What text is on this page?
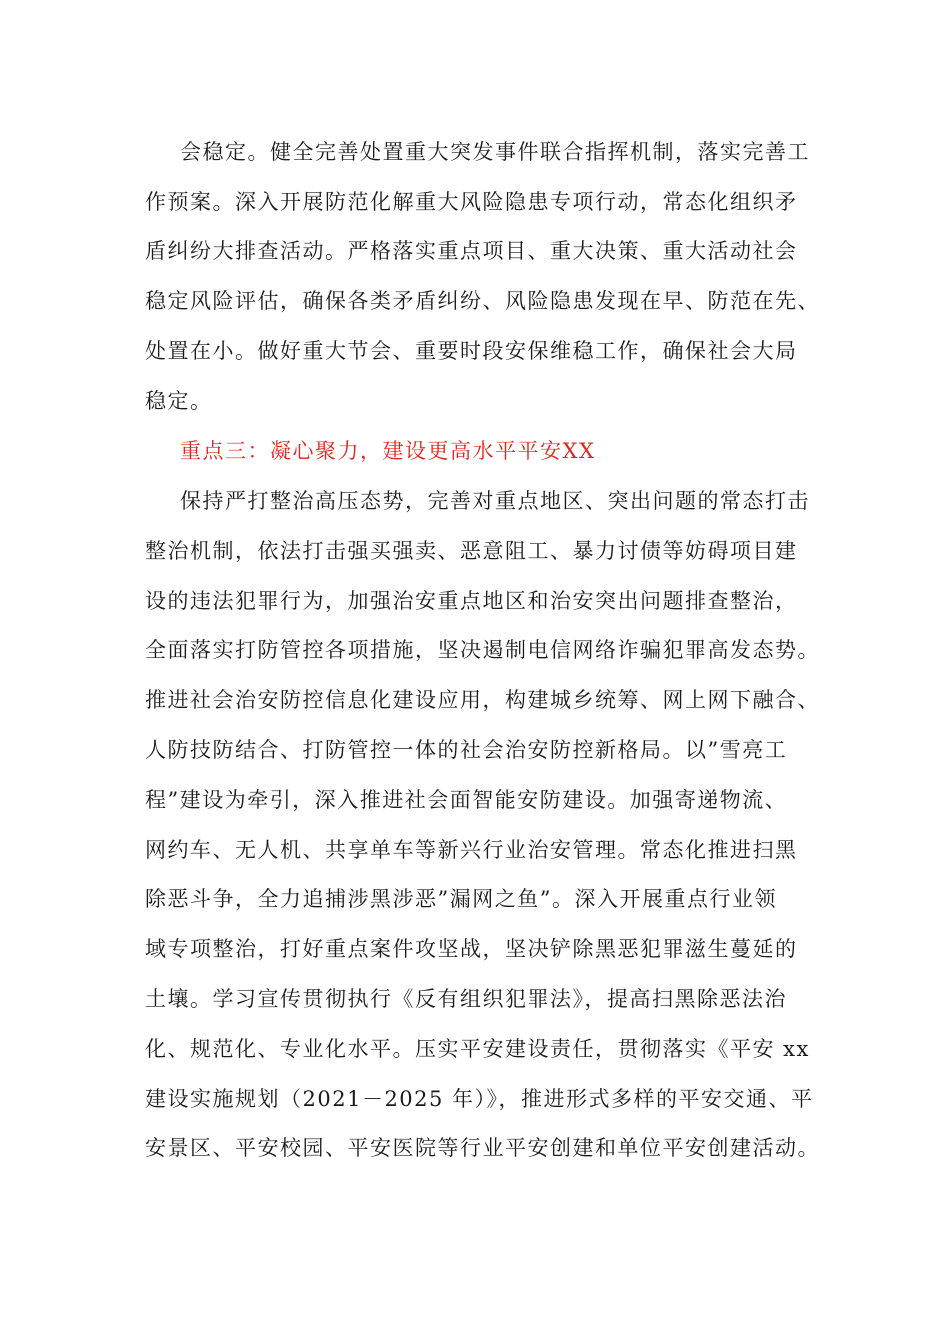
会稳定。健全完善处置重大突发事件联合指挥机制，落实完善工
作预案。深入开展防范化解重大风险隐患专项行动，常态化组织矛
盾纠纷大排查活动。严格落实重点项目、重大决策、重大活动社会
稳定风险评估，确保各类矛盾纠纷、风险隐患发现在早、防范在先、
处置在小。做好重大节会、重要时段安保维稳工作，确保社会大局
稳定。
重点三：凝心聚力，建设更高水平平安XX
保持严打整治高压态势，完善对重点地区、突出问题的常态打击
整治机制，依法打击强买强卖、恶意阻工、暴力讨债等妨碍项目建
设的违法犯罪行为，加强治安重点地区和治安突出问题排查整治，
全面落实打防管控各项措施，坚决遏制电信网络诈骗犯罪高发态势。
推进社会治安防控信息化建设应用，构建城乡统筹、网上网下融合、
人防技防结合、打防管控一体的社会治安防控新格局。以”雪亮工
程”建设为牵引，深入推进社会面智能安防建设。加强寄递物流、
网约车、无人机、共享单车等新兴行业治安管理。常态化推进扫黑
除恶斗争，全力追捕涉黑涉恶”漏网之鱼”。深入开展重点行业领
域专项整治，打好重点案件攻坚战，坚决铲除黑恶犯罪滋生蔓延的
土壤。学习宣传贯彻执行《反有组织犯罪法》，提高扫黑除恶法治
化、规范化、专业化水平。压实平安建设责任，贯彻落实《平安 xx
建设实施规划（2021－2025 年）》，推进形式多样的平安交通、平
安景区、平安校园、平安医院等行业平安创建和单位平安创建活动。
